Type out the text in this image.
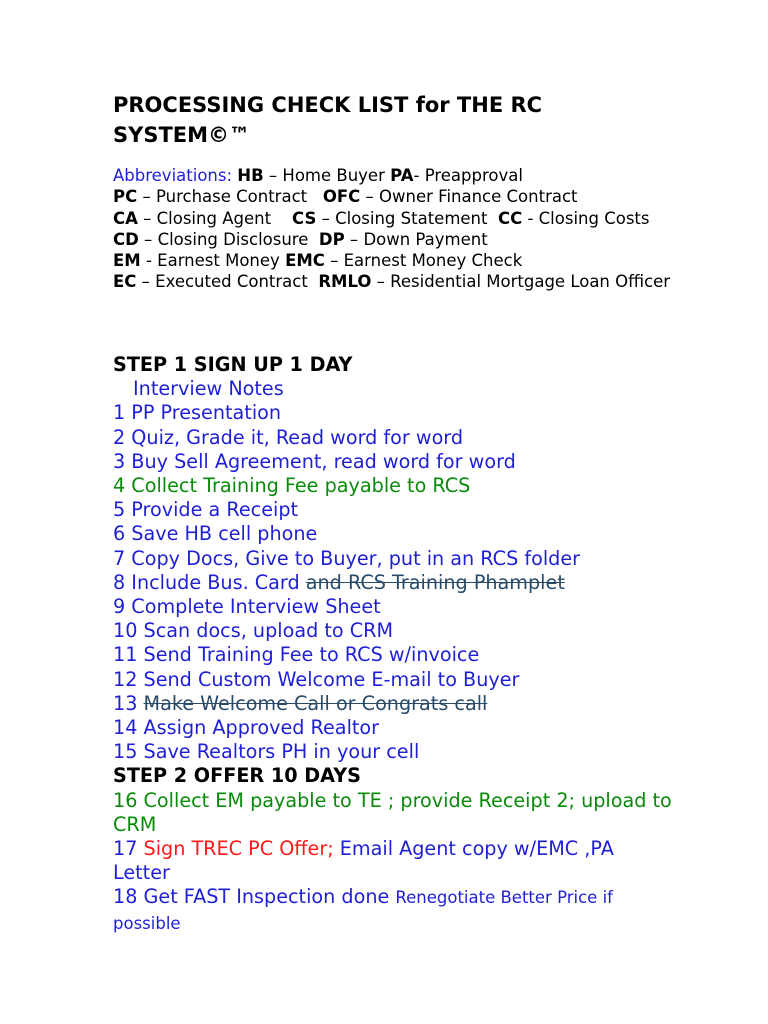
PROCESSING CHECK LIST for THE RC SYSTEM©™
Abbreviations: HB – Home Buyer PA- Preapproval
PC – Purchase Contract OFC – Owner Finance Contract
CA – Closing Agent CS – Closing Statement CC - Closing Costs
CD – Closing Disclosure DP – Down Payment
EM - Earnest Money EMC – Earnest Money Check
EC – Executed Contract RMLO – Residential Mortgage Loan Officer
STEP 1 SIGN UP 1 DAY
Interview Notes
1 PP Presentation
2 Quiz, Grade it, Read word for word
3 Buy Sell Agreement, read word for word
4 Collect Training Fee payable to RCS
5 Provide a Receipt
6 Save HB cell phone
7 Copy Docs, Give to Buyer, put in an RCS folder
8 Include Bus. Card and RCS Training Phamplet
9 Complete Interview Sheet
10 Scan docs, upload to CRM
11 Send Training Fee to RCS w/invoice
12 Send Custom Welcome E-mail to Buyer
13 Make Welcome Call or Congrats call
14 Assign Approved Realtor
15 Save Realtors PH in your cell
STEP 2 OFFER 10 DAYS
16 Collect EM payable to TE ; provide Receipt 2; upload to CRM
17 Sign TREC PC Offer; Email Agent copy w/EMC ,PA Letter
18 Get FAST Inspection done Renegotiate Better Price if possible
